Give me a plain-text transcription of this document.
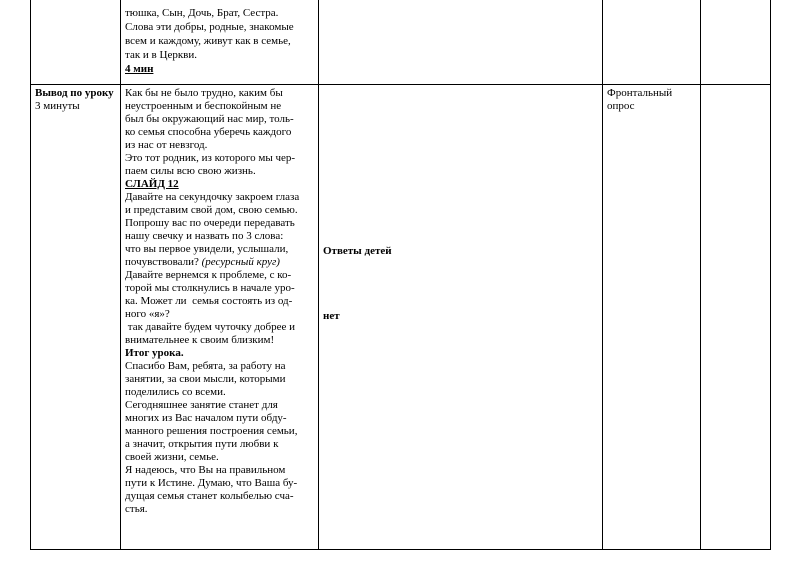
тюшка, Сын, Дочь, Брат, Сестра.
Слова эти добры, родные, знакомые
всем и каждому, живут как в семье,
так и в Церкви.
4 мин
Вывод по уроку
3 минуты
Как бы не было трудно, каким бы
неустроенным и беспокойным не
был бы окружающий нас мир, толь-
ко семья способна уберечь каждого
из нас от невзгод.
Это тот родник, из которого мы чер-
паем силы всю свою жизнь.
СЛАЙД 12
Давайте на секундочку закроем глаза
и представим свой дом, свою семью.
Попрошу вас по очереди передавать
нашу свечку и назвать по 3 слова:
что вы первое увидели, услышали,
почувствовали? (ресурсный круг)
Давайте вернемся к проблеме, с ко-
торой мы столкнулись в начале уро-
ка. Может ли  семья состоять из од-
ного «я»?
так давайте будем чуточку добрее и
внимательнее к своим близким!
Итог урока.
Спасибо Вам, ребята, за работу на
занятии, за свои мысли, которыми
поделились со всеми.
Сегодняшнее занятие станет для
многих из Вас началом пути обду-
манного решения построения семьи,
а значит, открытия пути любви к
своей жизни, семье.
Я надеюсь, что Вы на правильном
пути к Истине. Думаю, что Ваша бу-
дущая семья станет колыбелью сча-
стья.
Ответы детей
нет
Фронтальный
опрос
